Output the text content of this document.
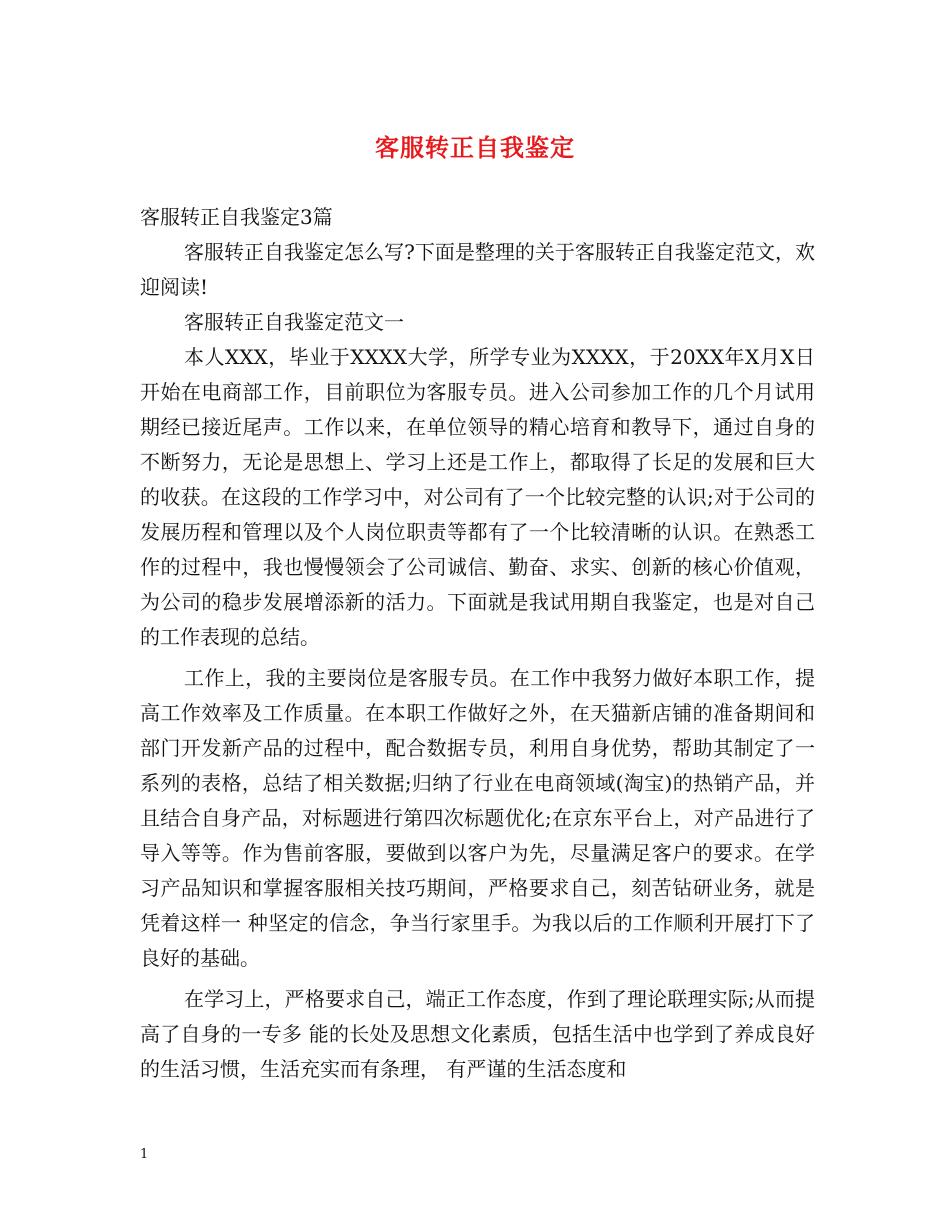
客服转正自我鉴定

客服转正自我鉴定3篇

客服转正自我鉴定怎么写?下面是整理的关于客服转正自我鉴定范文，欢迎阅读!

客服转正自我鉴定范文一

本人XXX，毕业于XXXX大学，所学专业为XXXX，于20XX年X月X日开始在电商部工作，目前职位为客服专员。进入公司参加工作的几个月试用期经已接近尾声。工作以来，在单位领导的精心培育和教导下，通过自身的不断努力，无论是思想上、学习上还是工作上，都取得了长足的发展和巨大的收获。在这段的工作学习中，对公司有了一个比较完整的认识;对于公司的发展历程和管理以及个人岗位职责等都有了一个比较清晰的认识。在熟悉工作的过程中，我也慢慢领会了公司诚信、勤奋、求实、创新的核心价值观，为公司的稳步发展增添新的活力。下面就是我试用期自我鉴定，也是对自己的工作表现的总结。

工作上，我的主要岗位是客服专员。在工作中我努力做好本职工作，提高工作效率及工作质量。在本职工作做好之外，在天猫新店铺的准备期间和部门开发新产品的过程中，配合数据专员，利用自身优势，帮助其制定了一系列的表格，总结了相关数据;归纳了行业在电商领域(淘宝)的热销产品，并且结合自身产品，对标题进行第四次标题优化;在京东平台上，对产品进行了导入等等。作为售前客服，要做到以客户为先，尽量满足客户的要求。在学习产品知识和掌握客服相关技巧期间，严格要求自己，刻苦钻研业务，就是凭着这样一 种坚定的信念，争当行家里手。为我以后的工作顺利开展打下了良好的基础。

在学习上，严格要求自己，端正工作态度，作到了理论联理实际;从而提高了自身的一专多 能的长处及思想文化素质，包括生活中也学到了养成良好的生活习惯，生活充实而有条理， 有严谨的生活态度和

1
